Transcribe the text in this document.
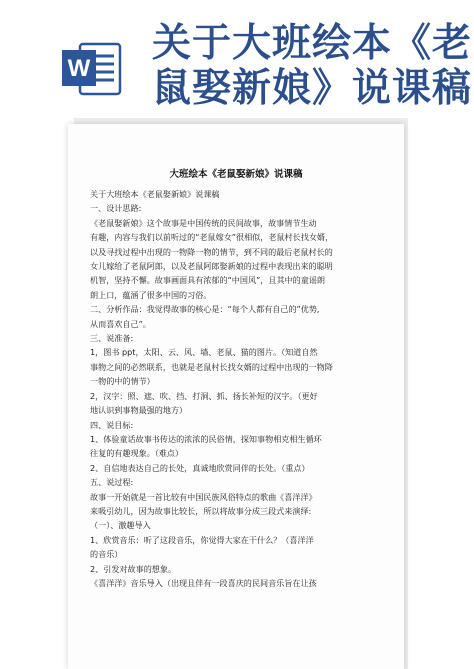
W
关于大班绘本《老
鼠娶新娘》说课稿
大班绘本《老鼠娶新娘》说课稿

关于大班绘本《老鼠娶新娘》说课稿

一、设计思路:

《老鼠娶新娘》这个故事是中国传统的民间故事，故事情节生动

有趣，内容与我们以前听过的“老鼠嫁女”很相似，老鼠村长找女婿，

以及寻找过程中出现的一物降一物的情节，到不同的最后老鼠村长的

女儿嫁给了老鼠阿郎，以及老鼠阿郎娶新娘的过程中表现出来的聪明

机智，坚持不懈。故事画面具有浓郁的“中国风”，且其中的童谣朗

朗上口，蕴涵了很多中国的习俗。

二、分析作品：我觉得故事的核心是：“每个人都有自己的”优势,

从而喜欢自己”。

三、说准备:

1，图书 ppt，太阳、云、风、墙、老鼠、猫的图片。（知道自然

事物之间的必然联系，也就是老鼠村长找女婿的过程中出现的一物降

一物的中的情节）

2，汉字：照、遮、吹、挡、打洞、抓、扬长补短的汉字。（更好

地认识到事物最强的地方）

四、说目标:

1、体验童话故事书传达的浓浓的民俗情，探知事物相克相生循环

往复的有趣现象。（难点）

2、自信地表达自己的长处，真诚地欣赏同伴的长处。（重点）

五、说过程:

故事一开始就是一首比较有中国民族风俗特点的歌曲《喜洋洋》

来吸引幼儿，因为故事比较长，所以将故事分成三段式来演绎:

（一）、激趣导入

1、欣赏音乐：听了这段音乐，你觉得大家在干什么？（喜洋洋

的音乐）

2、引发对故事的想象。

《喜洋洋》音乐导入（出现且伴有一段喜庆的民间音乐旨在让孩
